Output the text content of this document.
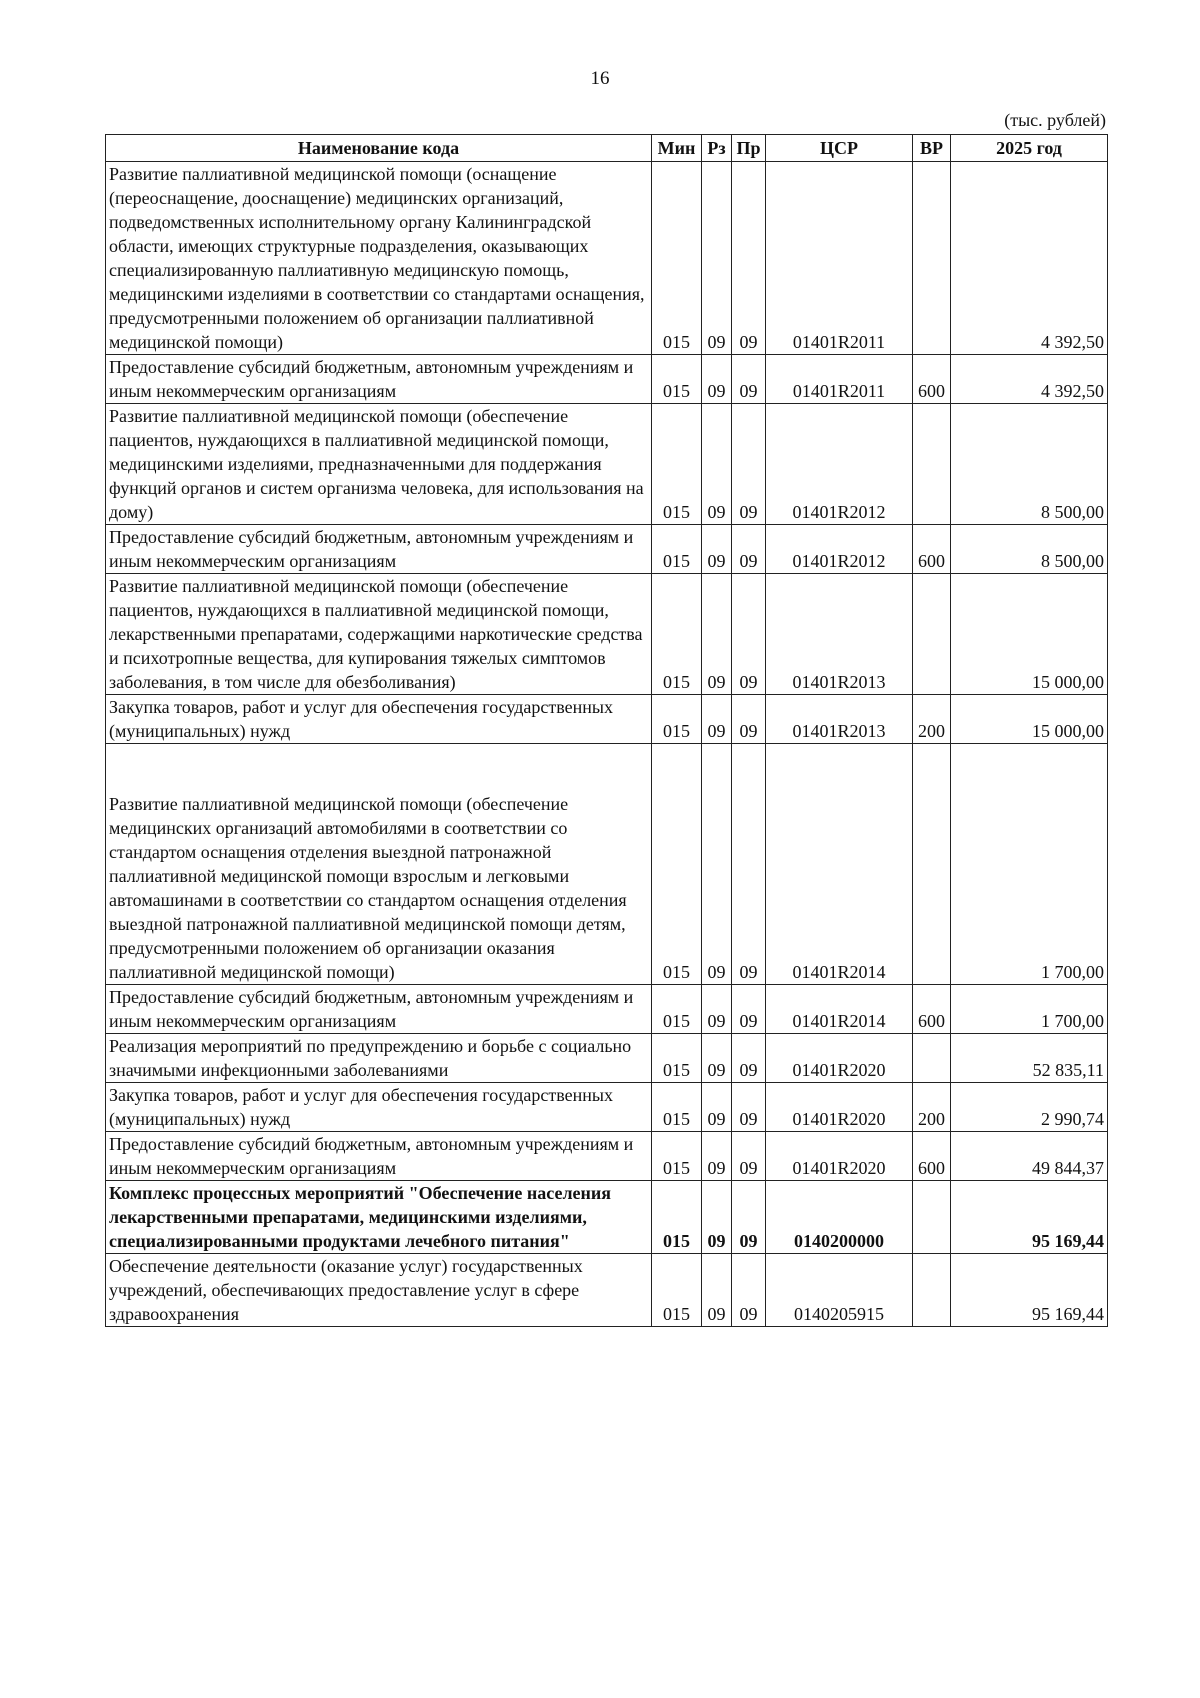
16
(тыс. рублей)
Наименование кода	Мин	Рз	Пр	ЦСР	ВР	2025 год
Развитие паллиативной медицинской помощи (оснащение (переоснащение, дооснащение) медицинских организаций, подведомственных исполнительному органу Калининградской области, имеющих структурные подразделения, оказывающих специализированную паллиативную медицинскую помощь, медицинскими изделиями в соответствии со стандартами оснащения, предусмотренными положением об организации паллиативной медицинской помощи)	015	09	09	01401R2011		4 392,50
Предоставление субсидий бюджетным, автономным учреждениям и иным некоммерческим организациям	015	09	09	01401R2011	600	4 392,50
Развитие паллиативной медицинской помощи (обеспечение пациентов, нуждающихся в паллиативной медицинской помощи, медицинскими изделиями, предназначенными для поддержания функций органов и систем организма человека, для использования на дому)	015	09	09	01401R2012		8 500,00
Предоставление субсидий бюджетным, автономным учреждениям и иным некоммерческим организациям	015	09	09	01401R2012	600	8 500,00
Развитие паллиативной медицинской помощи (обеспечение пациентов, нуждающихся в паллиативной медицинской помощи, лекарственными препаратами, содержащими наркотические средства и психотропные вещества, для купирования тяжелых симптомов заболевания, в том числе для обезболивания)	015	09	09	01401R2013		15 000,00
Закупка товаров, работ и услуг для обеспечения государственных (муниципальных) нужд	015	09	09	01401R2013	200	15 000,00
Развитие паллиативной медицинской помощи (обеспечение медицинских организаций автомобилями в соответствии со стандартом оснащения отделения выездной патронажной паллиативной медицинской помощи взрослым и легковыми автомашинами в соответствии со стандартом оснащения отделения выездной патронажной паллиативной медицинской помощи детям, предусмотренными положением об организации оказания паллиативной медицинской помощи)	015	09	09	01401R2014		1 700,00
Предоставление субсидий бюджетным, автономным учреждениям и иным некоммерческим организациям	015	09	09	01401R2014	600	1 700,00
Реализация мероприятий по предупреждению и борьбе с социально значимыми инфекционными заболеваниями	015	09	09	01401R2020		52 835,11
Закупка товаров, работ и услуг для обеспечения государственных (муниципальных) нужд	015	09	09	01401R2020	200	2 990,74
Предоставление субсидий бюджетным, автономным учреждениям и иным некоммерческим организациям	015	09	09	01401R2020	600	49 844,37
Комплекс процессных мероприятий "Обеспечение населения лекарственными препаратами, медицинскими изделиями, специализированными продуктами лечебного питания"	015	09	09	0140200000		95 169,44
Обеспечение деятельности (оказание услуг) государственных учреждений, обеспечивающих предоставление услуг в сфере здравоохранения	015	09	09	0140205915		95 169,44
